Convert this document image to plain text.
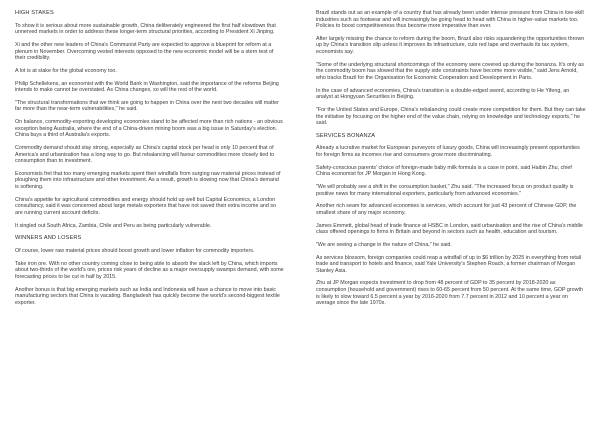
HIGH STAKES

To show it is serious about more sustainable growth, China deliberately engineered the first half slowdown that unnerved markets in order to address these longer-term structural priorities, according to President Xi Jinping.

Xi and the other new leaders of China's Communist Party are expected to approve a blueprint for reform at a plenum in November. Overcoming vested interests opposed to the new economic model will be a stern test of their credibility.

A lot is at stake for the global economy too.

Philip Schellekens, an economist with the World Bank in Washington, said the importance of the reforms Beijing intends to make cannot be overstated. As China changes, so will the rest of the world.

"The structural transformations that we think are going to happen in China over the next two decades will matter far more than the near-term vulnerabilities," he said.

On balance, commodity-exporting developing economies stand to be affected more than rich nations - an obvious exception being Australia, where the end of a China-driven mining boom was a big issue in Saturday's election. China buys a third of Australia's exports.

Commodity demand should stay strong, especially as China's capital stock per head is only 10 percent that of America's and urbanisation has a long way to go. But rebalancing will favour commodities more closely tied to consumption than to investment.

Economists fret that too many emerging markets spent their windfalls from surging raw material prices instead of ploughing them into infrastructure and other investment. As a result, growth is slowing now that China's demand is softening.

China's appetite for agricultural commodities and energy should hold up well but Capital Economics, a London consultancy, said it was concerned about large metals exporters that have not saved their extra income and so are running current account deficits.

It singled out South Africa, Zambia, Chile and Peru as being particularly vulnerable.

WINNERS AND LOSERS

Of course, lower raw material prices should boost growth and lower inflation for commodity importers.

Take iron ore. With no other country coming close to being able to absorb the slack left by China, which imports about two-thirds of the world's ore, prices risk years of decline as a major oversupply swamps demand, with some forecasting prices to be cut in half by 2015.

Another bonus is that big emerging markets such as India and Indonesia will have a chance to move into basic manufacturing sectors that China is vacating. Bangladesh has quickly become the world's second-biggest textile exporter.

Brazil stands out as an example of a country that has already been under intense pressure from China in low-skill industries such as footwear and will increasingly be going head to head with China in higher-value markets too. Policies to boost competitiveness thus become more imperative than ever.

After largely missing the chance to reform during the boom, Brazil also risks squandering the opportunities thrown up by China's transition slip unless it improves its infrastructure, cuts red tape and overhauls its tax system, economists say.

"Some of the underlying structural shortcomings of the economy were covered up during the bonanza. It's only as the commodity boom has slowed that the supply side constraints have become more visible," said Jens Arnold, who tracks Brazil for the Organisation for Economic Cooperation and Development in Paris.

In the case of advanced economies, China's transition is a double-edged sword, according to He Yifeng, an analyst at Hongyuan Securities in Beijing.

"For the United States and Europe, China's rebalancing could create more competition for them. But they can take the initiative by focusing on the higher end of the value chain, relying on knowledge and technology exports," he said.

SERVICES BONANZA

Already a lucrative market for European purveyors of luxury goods, China will increasingly present opportunities for foreign firms as incomes rise and consumers grow more discriminating.

Safety-conscious parents' choice of foreign-made baby milk formula is a case in point, said Haibin Zhu, chief China economist for JP Morgan in Hong Kong.

"We will probably see a shift in the consumption basket," Zhu said. "The increased focus on product quality is positive news for many international exporters, particularly from advanced economies."

Another rich seam for advanced economies is services, which account for just 43 percent of Chinese GDP, the smallest share of any major economy.

James Emmett, global head of trade finance at HSBC in London, said urbanisation and the rise of China's middle class offered openings to firms in Britain and beyond in sectors such as health, education and tourism.

"We are seeing a change in the nature of China," he said.

As services blossom, foreign companies could reap a windfall of up to $6 trillion by 2025 in everything from retail trade and transport to hotels and finance, said Yale University's Stephen Roach, a former chairman of Morgan Stanley Asia.

Zhu at JP Morgan expects investment to drop from 48 percent of GDP to 35 percent by 2018-2020 as consumption (household and government) rises to 60-65 percent from 50 percent. At the same time, GDP growth is likely to slow toward 6.5 percent a year by 2016-2020 from 7.7 percent in 2012 and 10 percent a year on average since the late 1970s.
